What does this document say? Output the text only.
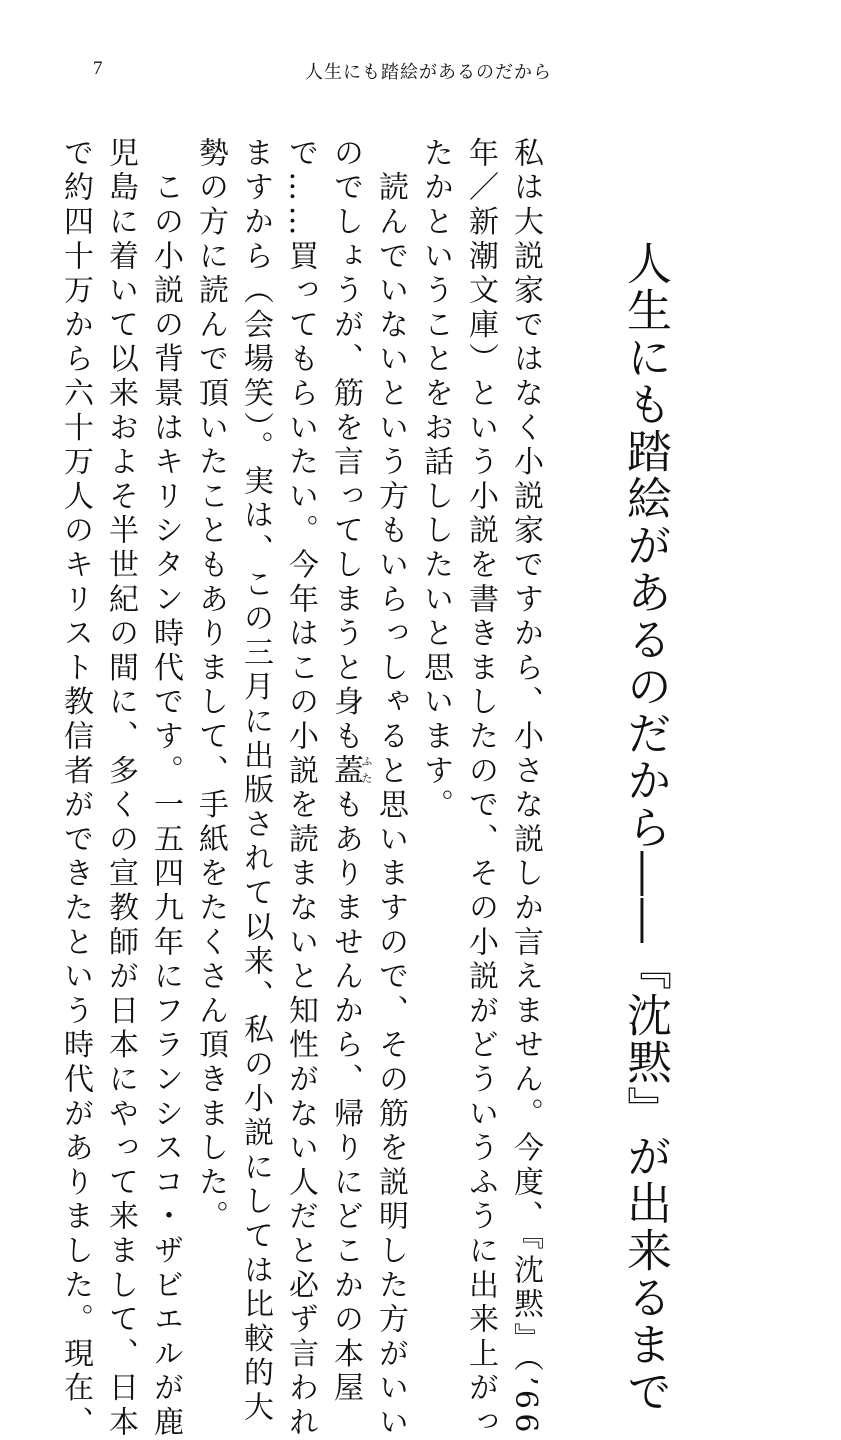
7	人生にも踏絵があるのだから
人生にも踏絵があるのだから――『沈黙』が出来るまで
私は大説家ではなく小説家ですから、小さな説しか言えません。今度、『沈黙』（’66
年／新潮文庫）という小説を書きましたので、その小説がどういうふうに出来上がっ
たかということをお話ししたいと思います。
　読んでいないという方もいらっしゃると思いますので、その筋を説明した方がいい
のでしょうが、筋を言ってしまうと身も蓋ふたもありませんから、帰りにどこかの本屋
で……買ってもらいたい。今年はこの小説を読まないと知性がない人だと必ず言われ
ますから（会場笑）。実は、この三月に出版されて以来、私の小説にしては比較的大
勢の方に読んで頂いたこともありまして、手紙をたくさん頂きました。
　この小説の背景はキリシタン時代です。一五四九年にフランシスコ・ザビエルが鹿
児島に着いて以来およそ半世紀の間に、多くの宣教師が日本にやって来まして、日本
で約四十万から六十万人のキリスト教信者ができたという時代がありました。現在、
